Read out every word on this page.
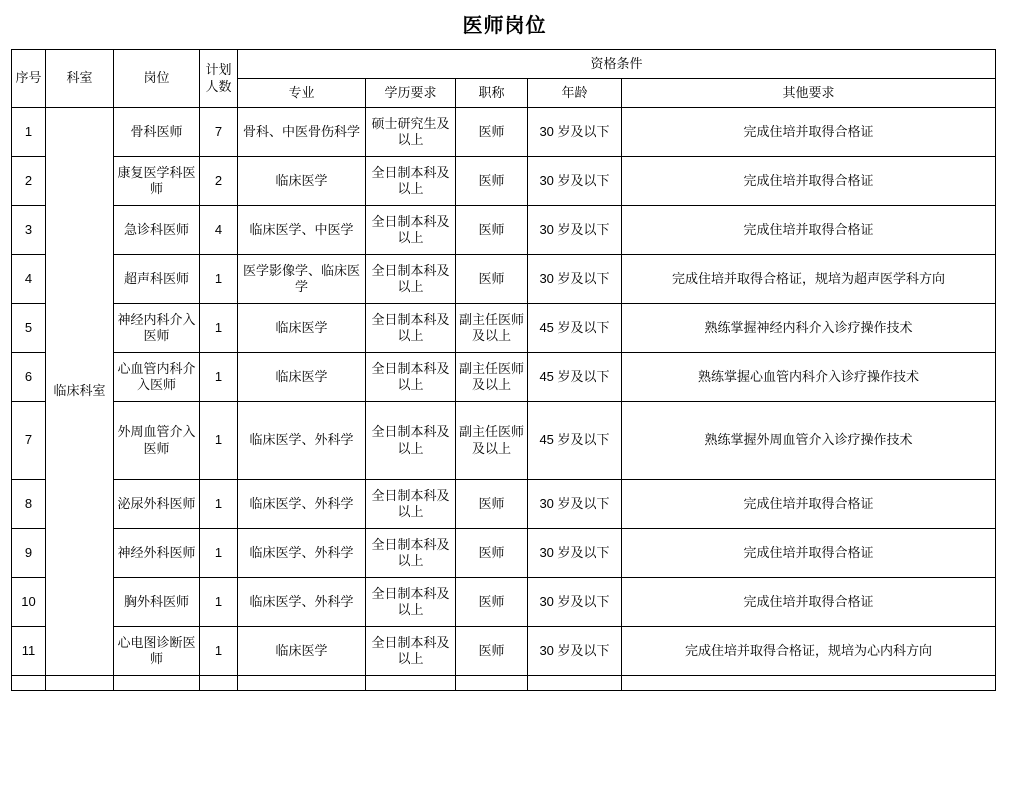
医师岗位
序号	科室	岗位	计划人数	资格条件				
				专业	学历要求	职称	年龄	其他要求
1	临床科室	骨科医师	7	骨科、中医骨伤科学	硕士研究生及以上	医师	30 岁及以下	完成住培并取得合格证
2		康复医学科医师	2	临床医学	全日制本科及以上	医师	30 岁及以下	完成住培并取得合格证
3		急诊科医师	4	临床医学、中医学	全日制本科及以上	医师	30 岁及以下	完成住培并取得合格证
4		超声科医师	1	医学影像学、临床医学	全日制本科及以上	医师	30 岁及以下	完成住培并取得合格证，规培为超声医学科方向
5		神经内科介入医师	1	临床医学	全日制本科及以上	副主任医师及以上	45 岁及以下	熟练掌握神经内科介入诊疗操作技术
6		心血管内科介入医师	1	临床医学	全日制本科及以上	副主任医师及以上	45 岁及以下	熟练掌握心血管内科介入诊疗操作技术
7		外周血管介入医师	1	临床医学、外科学	全日制本科及以上	副主任医师及以上	45 岁及以下	熟练掌握外周血管介入诊疗操作技术
8		泌尿外科医师	1	临床医学、外科学	全日制本科及以上	医师	30 岁及以下	完成住培并取得合格证
9		神经外科医师	1	临床医学、外科学	全日制本科及以上	医师	30 岁及以下	完成住培并取得合格证
10		胸外科医师	1	临床医学、外科学	全日制本科及以上	医师	30 岁及以下	完成住培并取得合格证
11		心电图诊断医师	1	临床医学	全日制本科及以上	医师	30 岁及以下	完成住培并取得合格证，规培为心内科方向
